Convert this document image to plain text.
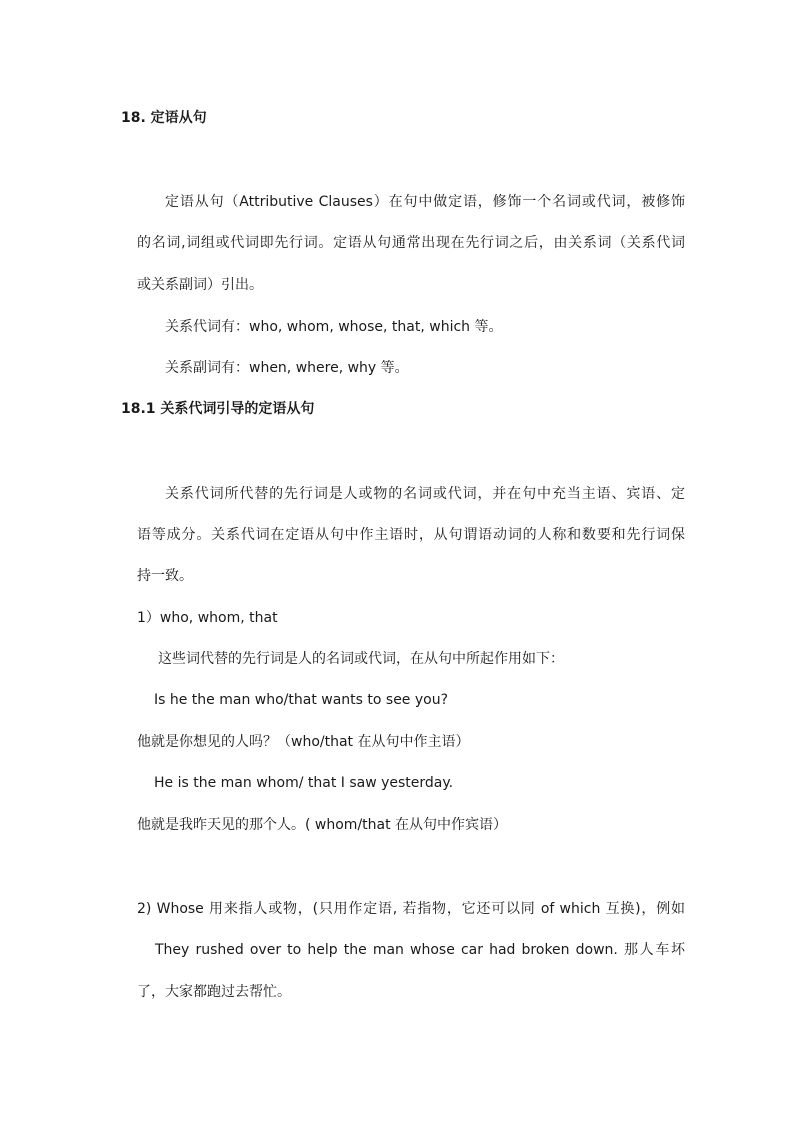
18. 定语从句
定语从句（Attributive Clauses）在句中做定语，修饰一个名词或代词，被修饰
的名词,词组或代词即先行词。定语从句通常出现在先行词之后，由关系词（关系代词
或关系副词）引出。
关系代词有：who, whom, whose, that, which 等。
关系副词有：when, where, why 等。
18.1 关系代词引导的定语从句
关系代词所代替的先行词是人或物的名词或代词，并在句中充当主语、宾语、定
语等成分。关系代词在定语从句中作主语时，从句谓语动词的人称和数要和先行词保
持一致。
1）who, whom, that
这些词代替的先行词是人的名词或代词，在从句中所起作用如下：
Is he the man who/that wants to see you?
他就是你想见的人吗？（who/that 在从句中作主语）
He is the man whom/ that I saw yesterday.
他就是我昨天见的那个人。( whom/that 在从句中作宾语）
2) Whose 用来指人或物，(只用作定语, 若指物，它还可以同 of which 互换)，例如
They rushed over to help the man whose car had broken down. 那人车坏
了，大家都跑过去帮忙。
